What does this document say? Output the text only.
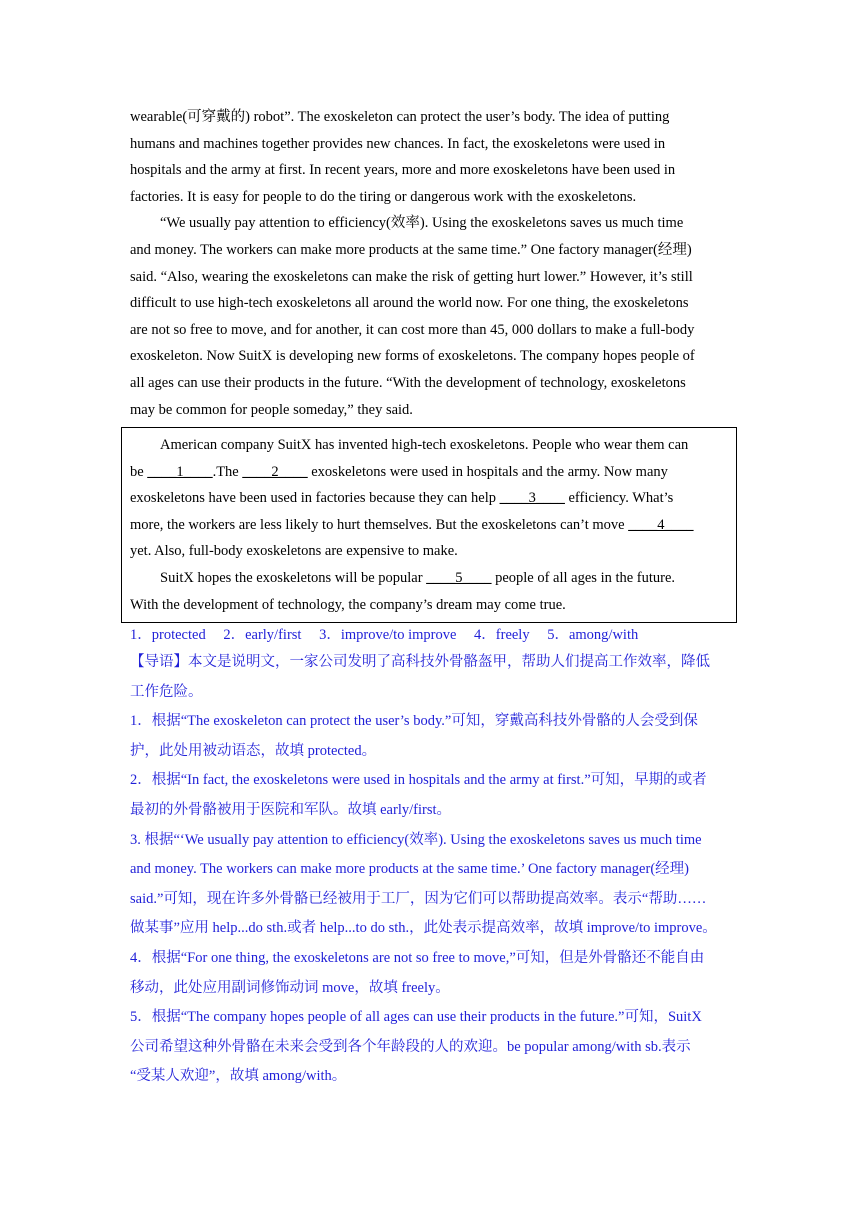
wearable(可穿戴的) robot”. The exoskeleton can protect the user’s body. The idea of putting
humans and machines together provides new chances. In fact, the exoskeletons were used in
hospitals and the army at first. In recent years, more and more exoskeletons have been used in
factories. It is easy for people to do the tiring or dangerous work with the exoskeletons.
“We usually pay attention to efficiency(效率). Using the exoskeletons saves us much time
and money. The workers can make more products at the same time.” One factory manager(经理)
said. “Also, wearing the exoskeletons can make the risk of getting hurt lower.” However, it’s still
difficult to use high-tech exoskeletons all around the world now. For one thing, the exoskeletons
are not so free to move, and for another, it can cost more than 45, 000 dollars to make a full-body
exoskeleton. Now SuitX is developing new forms of exoskeletons. The company hopes people of
all ages can use their products in the future. “With the development of technology, exoskeletons
may be common for people someday,” they said.
American company SuitX has invented high-tech exoskeletons. People who wear them can
be ____1____.The ____2____ exoskeletons were used in hospitals and the army. Now many
exoskeletons have been used in factories because they can help ____3____ efficiency. What’s
more, the workers are less likely to hurt themselves. But the exoskeletons can’t move ____4____
yet. Also, full-body exoskeletons are expensive to make.
SuitX hopes the exoskeletons will be popular ____5____ people of all ages in the future.
With the development of technology, the company’s dream may come true.
1．protected 2．early/first 3．improve/to improve 4．freely 5．among/with
【导语】本文是说明文，一家公司发明了高科技外骨骼盔甲，帮助人们提高工作效率，降低
工作危险。
1．根据“The exoskeleton can protect the user’s body.”可知，穿戴高科技外骨骼的人会受到保
护，此处用被动语态，故填 protected。
2．根据“In fact, the exoskeletons were used in hospitals and the army at first.”可知，早期的或者
最初的外骨骼被用于医院和军队。故填 early/first。
3. 根据“‘We usually pay attention to efficiency(效率). Using the exoskeletons saves us much time
and money. The workers can make more products at the same time.’ One factory manager(经理)
said.”可知，现在许多外骨骼已经被用于工厂，因为它们可以帮助提高效率。表示“帮助……
做某事”应用 help...do sth.或者 help...to do sth.，此处表示提高效率，故填 improve/to improve。
4．根据“For one thing, the exoskeletons are not so free to move,”可知，但是外骨骼还不能自由
移动，此处应用副词修饰动词 move，故填 freely。
5．根据“The company hopes people of all ages can use their products in the future.”可知，SuitX
公司希望这种外骨骼在未来会受到各个年龄段的人的欢迎。be popular among/with sb.表示
“受某人欢迎”，故填 among/with。
